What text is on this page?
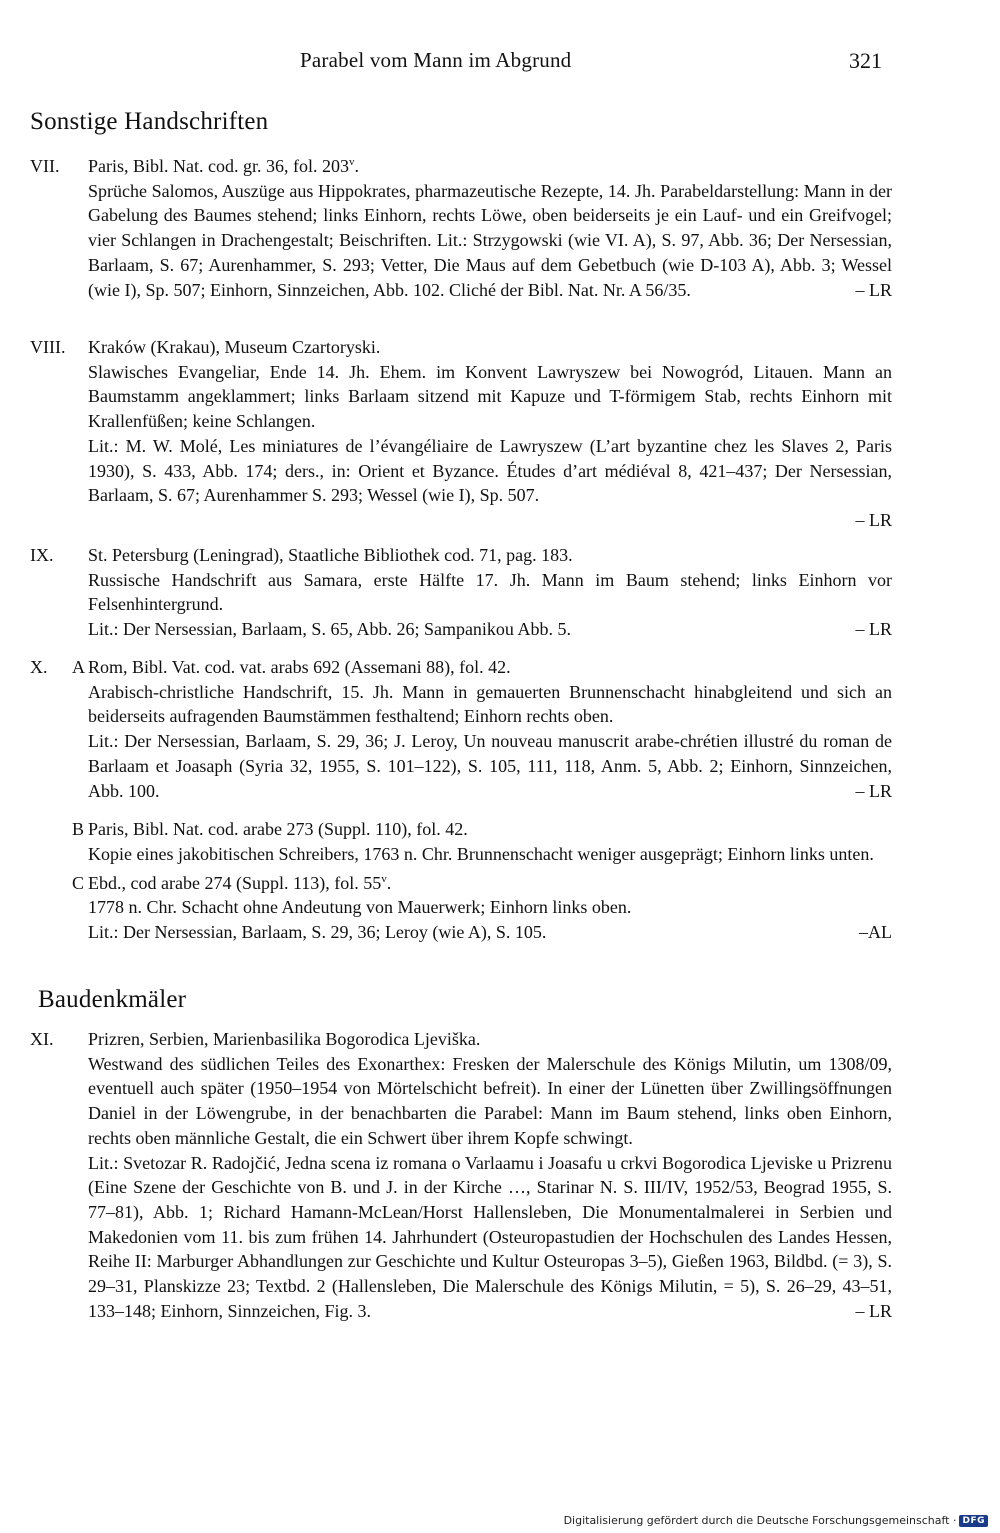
Parabel vom Mann im Abgrund	321
Sonstige Handschriften
VII.	Paris, Bibl. Nat. cod. gr. 36, fol. 203$^v$.
Sprüche Salomos, Auszüge aus Hippokrates, pharmazeutische Rezepte, 14. Jh. Parabeldarstellung: Mann in der Gabelung des Baumes stehend; links Einhorn, rechts Löwe, oben beiderseits je ein Lauf- und ein Greifvogel; vier Schlangen in Drachengestalt; Beischriften. Lit.: Strzygowski (wie VI. A), S. 97, Abb. 36; Der Nersessian, Barlaam, S. 67; Aurenhammer, S. 293; Vetter, Die Maus auf dem Gebetbuch (wie D-103 A), Abb. 3; Wessel (wie I), Sp. 507; Einhorn, Sinnzeichen, Abb. 102. Cliché der Bibl. Nat. Nr. A 56/35.	– LR
VIII.	Kraków (Krakau), Museum Czartoryski.
Slawisches Evangeliar, Ende 14. Jh. Ehem. im Konvent Lawryszew bei Nowogród, Litauen. Mann an Baumstamm angeklammert; links Barlaam sitzend mit Kapuze und T-förmigem Stab, rechts Einhorn mit Krallenfüßen; keine Schlangen.
Lit.: M. W. Molé, Les miniatures de l’évangéliaire de Lawryszew (L’art byzantine chez les Slaves 2, Paris 1930), S. 433, Abb. 174; ders., in: Orient et Byzance. Études d’art médiéval 8, 421–437; Der Nersessian, Barlaam, S. 67; Aurenhammer S. 293; Wessel (wie I), Sp. 507.
– LR
IX.	St. Petersburg (Leningrad), Staatliche Bibliothek cod. 71, pag. 183.
Russische Handschrift aus Samara, erste Hälfte 17. Jh. Mann im Baum stehend; links Einhorn vor Felsenhintergrund.
Lit.: Der Nersessian, Barlaam, S. 65, Abb. 26; Sampanikou Abb. 5.	– LR
X.	A Rom, Bibl. Vat. cod. vat. arabs 692 (Assemani 88), fol. 42.
Arabisch-christliche Handschrift, 15. Jh. Mann in gemauerten Brunnenschacht hinabgleitend und sich an beiderseits aufragenden Baumstämmen festhaltend; Einhorn rechts oben.
Lit.: Der Nersessian, Barlaam, S. 29, 36; J. Leroy, Un nouveau manuscrit arabe-chrétien illustré du roman de Barlaam et Joasaph (Syria 32, 1955, S. 101–122), S. 105, 111, 118, Anm. 5, Abb. 2; Einhorn, Sinnzeichen, Abb. 100.	– LR
B Paris, Bibl. Nat. cod. arabe 273 (Suppl. 110), fol. 42.
Kopie eines jakobitischen Schreibers, 1763 n. Chr. Brunnenschacht weniger ausgeprägt; Einhorn links unten.
C Ebd., cod arabe 274 (Suppl. 113), fol. 55$^v$.
1778 n. Chr. Schacht ohne Andeutung von Mauerwerk; Einhorn links oben.
Lit.: Der Nersessian, Barlaam, S. 29, 36; Leroy (wie A), S. 105.	–AL
Baudenkmäler
XI.	Prizren, Serbien, Marienbasilika Bogorodica Ljeviška.
Westwand des südlichen Teiles des Exonarthex: Fresken der Malerschule des Königs Milutin, um 1308/09, eventuell auch später (1950–1954 von Mörtelschicht befreit). In einer der Lünetten über Zwillingsöffnungen Daniel in der Löwengrube, in der benachbarten die Parabel: Mann im Baum stehend, links oben Einhorn, rechts oben männliche Gestalt, die ein Schwert über ihrem Kopfe schwingt.
Lit.: Svetozar R. Radojčić, Jedna scena iz romana o Varlaamu i Joasafu u crkvi Bogorodica Ljeviske u Prizrenu (Eine Szene der Geschichte von B. und J. in der Kirche …, Starinar N. S. III/IV, 1952/53, Beograd 1955, S. 77–81), Abb. 1; Richard Hamann-McLean/Horst Hallensleben, Die Monumentalmalerei in Serbien und Makedonien vom 11. bis zum frühen 14. Jahrhundert (Osteuropastudien der Hochschulen des Landes Hessen, Reihe II: Marburger Abhandlungen zur Geschichte und Kultur Osteuropas 3–5), Gießen 1963, Bildbd. (= 3), S. 29–31, Planskizze 23; Textbd. 2 (Hallensleben, Die Malerschule des Königs Milutin, = 5), S. 26–29, 43–51, 133–148; Einhorn, Sinnzeichen, Fig. 3.	– LR
Digitalisierung gefördert durch die Deutsche Forschungsgemeinschaft · DFG
